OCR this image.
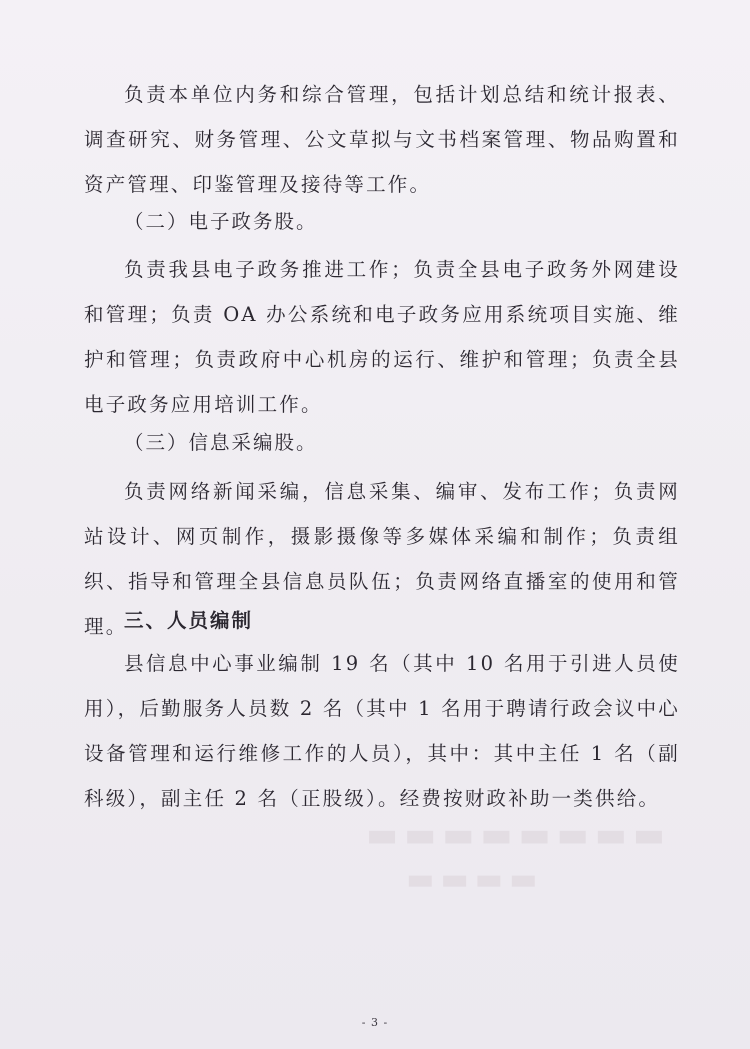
▬▬▬▬▬▬▬▬
▬▬▬▬

负责本单位内务和综合管理，包括计划总结和统计报表、调查研究、财务管理、公文草拟与文书档案管理、物品购置和资产管理、印鉴管理及接待等工作。

（二）电子政务股。

负责我县电子政务推进工作；负责全县电子政务外网建设和管理；负责 OA 办公系统和电子政务应用系统项目实施、维护和管理；负责政府中心机房的运行、维护和管理；负责全县电子政务应用培训工作。

（三）信息采编股。

负责网络新闻采编，信息采集、编审、发布工作；负责网站设计、网页制作，摄影摄像等多媒体采编和制作；负责组织、指导和管理全县信息员队伍；负责网络直播室的使用和管理。

三、人员编制

县信息中心事业编制 19 名（其中 10 名用于引进人员使用），后勤服务人员数 2 名（其中 1 名用于聘请行政会议中心设备管理和运行维修工作的人员），其中：其中主任 1 名（副科级），副主任 2 名（正股级）。经费按财政补助一类供给。

- 3 -
